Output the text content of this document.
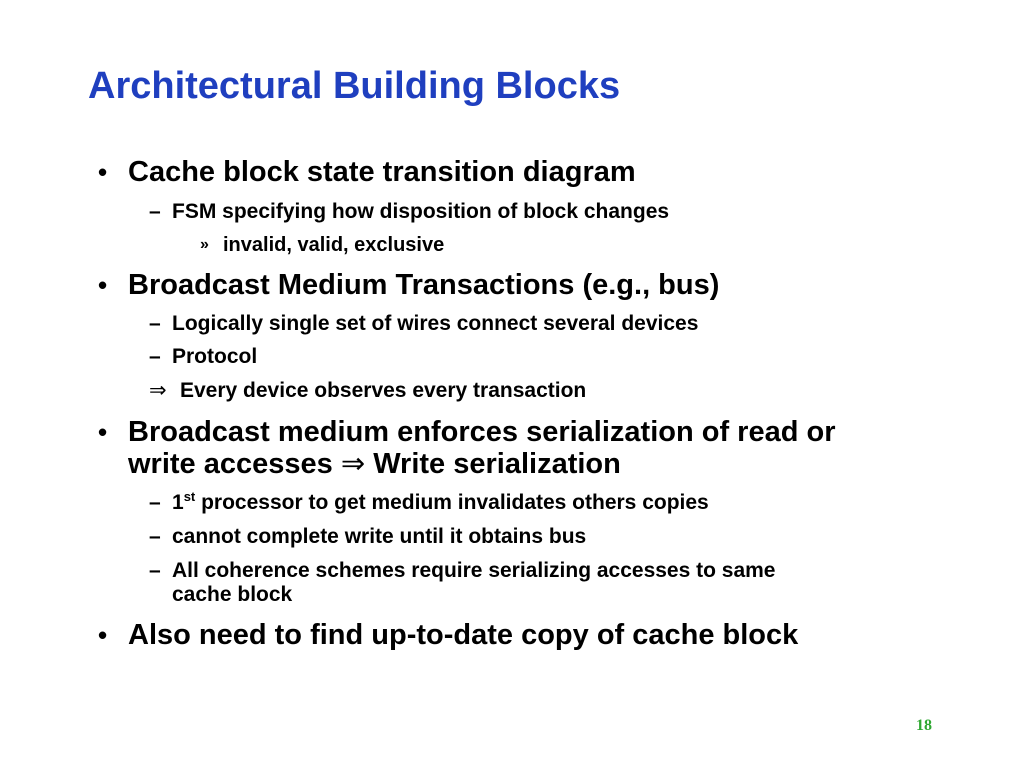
Architectural Building Blocks
• Cache block state transition diagram
– FSM specifying how disposition of block changes
» invalid, valid, exclusive
• Broadcast Medium Transactions (e.g., bus)
– Logically single set of wires connect several devices
– Protocol
⇒ Every device observes every transaction
• Broadcast medium enforces serialization of read or
write accesses ⇒ Write serialization
– 1st processor to get medium invalidates others copies
– cannot complete write until it obtains bus
– All coherence schemes require serializing accesses to same
cache block
• Also need to find up-to-date copy of cache block
18
